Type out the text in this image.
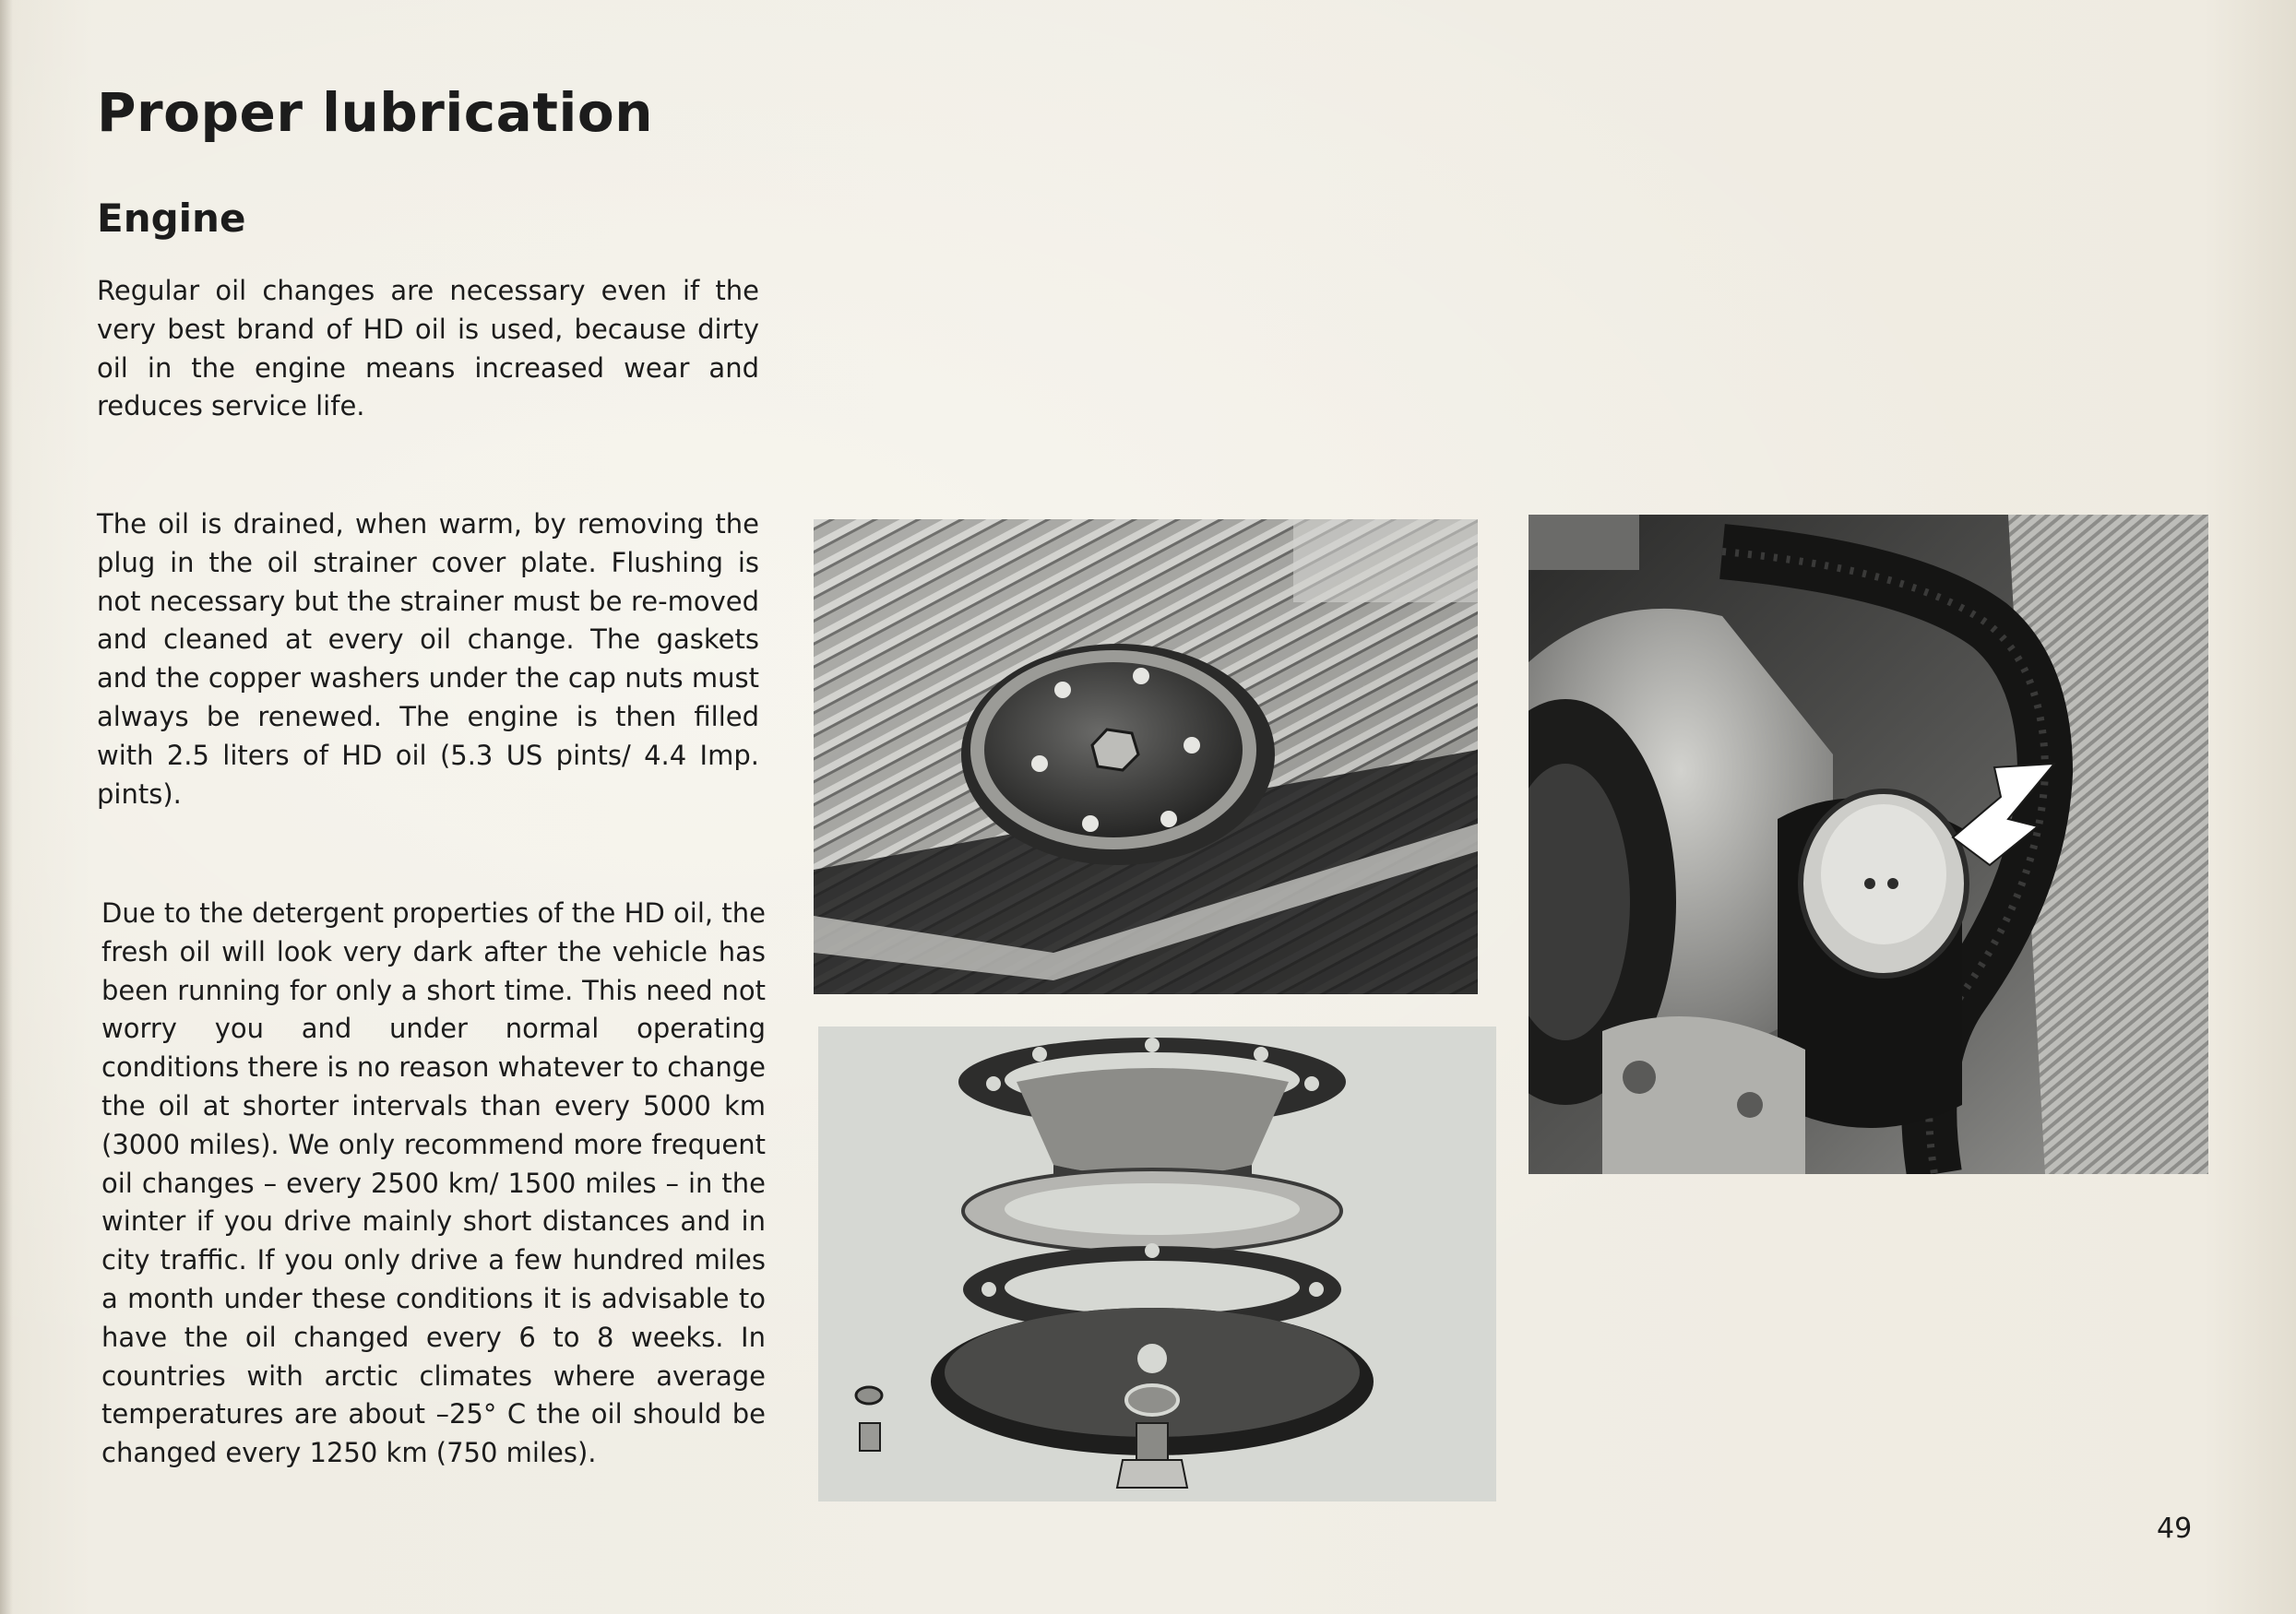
Proper lubrication
Engine

Regular oil changes are necessary even if the very best brand of HD oil is used, because dirty oil in the engine means increased wear and reduces service life.

The oil is drained, when warm, by removing the plug in the oil strainer cover plate. Flushing is not necessary but the strainer must be re-moved and cleaned at every oil change. The gaskets and the copper washers under the cap nuts must always be renewed. The engine is then filled with 2.5 liters of HD oil (5.3 US pints/ 4.4 Imp. pints).

Due to the detergent properties of the HD oil, the fresh oil will look very dark after the vehicle has been running for only a short time. This need not worry you and under normal operating conditions there is no reason whatever to change the oil at shorter intervals than every 5000 km (3000 miles). We only recommend more frequent oil changes – every 2500 km/ 1500 miles – in the winter if you drive mainly short distances and in city traffic. If you only drive a few hundred miles a month under these conditions it is advisable to have the oil changed every 6 to 8 weeks. In countries with arctic climates where average temperatures are about –25° C the oil should be changed every 1250 km (750 miles).

49
